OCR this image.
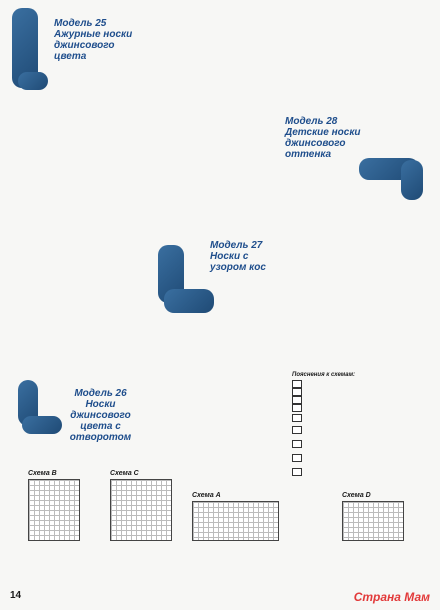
Модель 25
Ажурные носки джинсового цвета
Модель 28
Детские носки джинсового оттенка
Модель 27
Носки с узором кос
Модель 26
Носки джинсового цвета с отворотом
Пояснения к схемам:
Схема В	Схема С
Схема А	Схема D
14	Страна Мам
